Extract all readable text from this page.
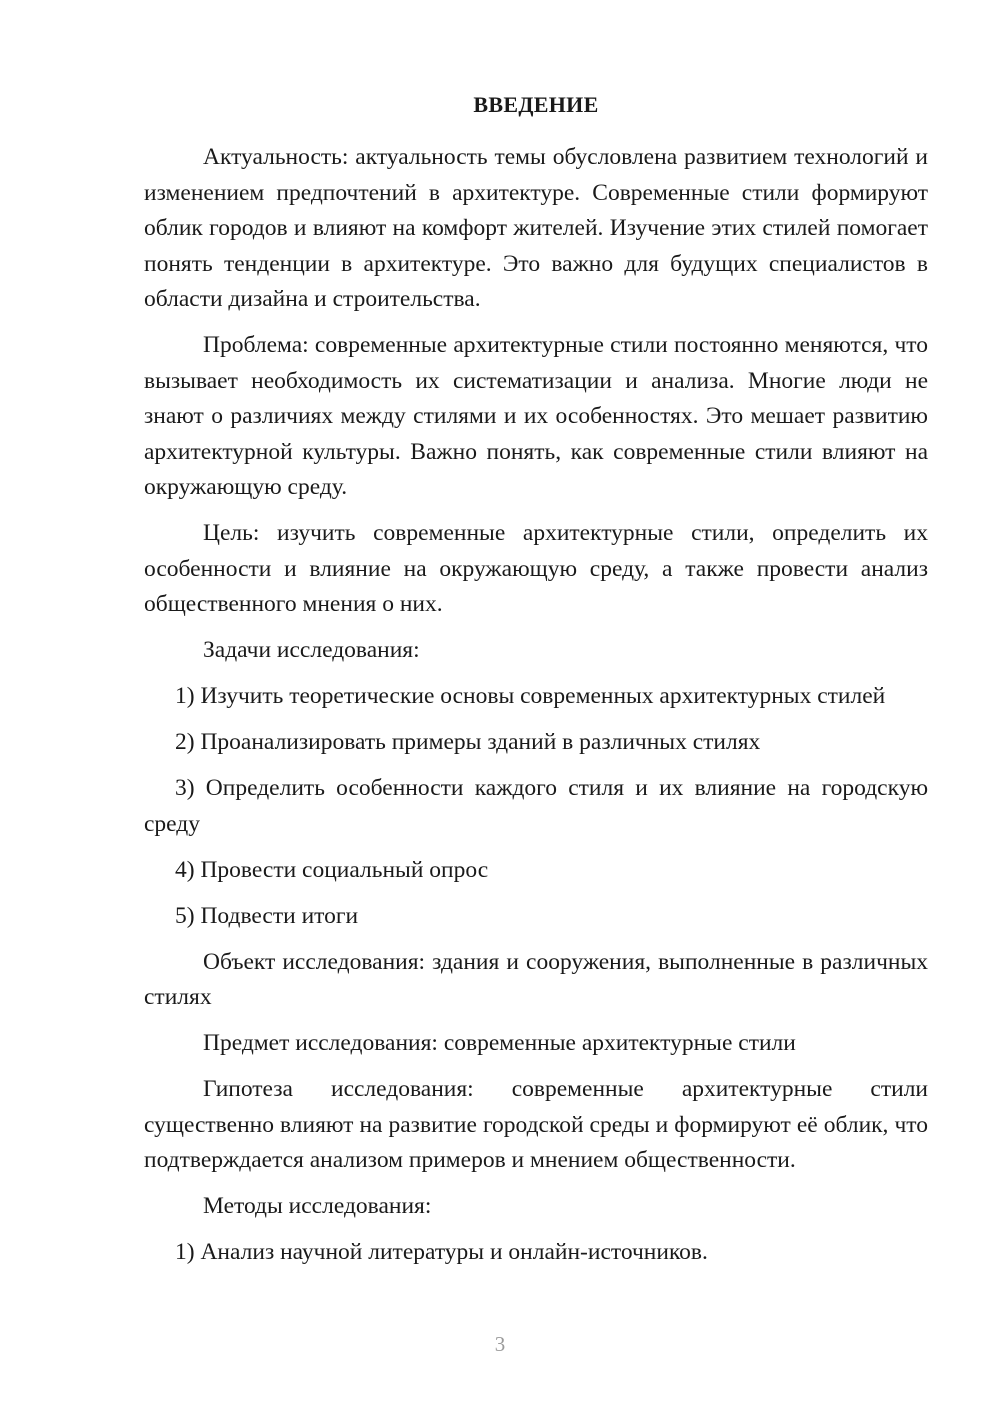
ВВЕДЕНИЕ

Актуальность: актуальность темы обусловлена развитием технологий и изменением предпочтений в архитектуре. Современные стили формируют облик городов и влияют на комфорт жителей. Изучение этих стилей помогает понять тенденции в архитектуре. Это важно для будущих специалистов в области дизайна и строительства.

Проблема: современные архитектурные стили постоянно меняются, что вызывает необходимость их систематизации и анализа. Многие люди не знают о различиях между стилями и их особенностях. Это мешает развитию архитектурной культуры. Важно понять, как современные стили влияют на окружающую среду.

Цель: изучить современные архитектурные стили, определить их особенности и влияние на окружающую среду, а также провести анализ общественного мнения о них.

Задачи исследования:

1) Изучить теоретические основы современных архитектурных стилей

2) Проанализировать примеры зданий в различных стилях

3) Определить особенности каждого стиля и их влияние на городскую среду

4) Провести социальный опрос

5) Подвести итоги

Объект исследования: здания и сооружения, выполненные в различных стилях

Предмет исследования: современные архитектурные стили

Гипотеза исследования: современные архитектурные стили существенно влияют на развитие городской среды и формируют её облик, что подтверждается анализом примеров и мнением общественности.

Методы исследования:

1) Анализ научной литературы и онлайн-источников.

3
